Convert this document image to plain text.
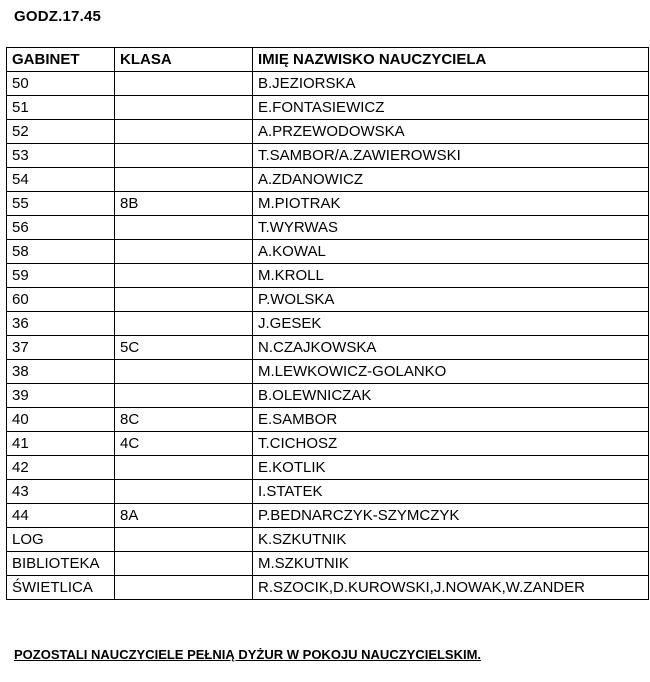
GODZ.17.45
GABINET	KLASA	IMIĘ NAZWISKO NAUCZYCIELA
50		B.JEZIORSKA
51		E.FONTASIEWICZ
52		A.PRZEWODOWSKA
53		T.SAMBOR/A.ZAWIEROWSKI
54		A.ZDANOWICZ
55	8B	M.PIOTRAK
56		T.WYRWAS
58		A.KOWAL
59		M.KROLL
60		P.WOLSKA
36		J.GESEK
37	5C	N.CZAJKOWSKA
38		M.LEWKOWICZ-GOLANKO
39		B.OLEWNICZAK
40	8C	E.SAMBOR
41	4C	T.CICHOSZ
42		E.KOTLIK
43		I.STATEK
44	8A	P.BEDNARCZYK-SZYMCZYK
LOG		K.SZKUTNIK
BIBLIOTEKA		M.SZKUTNIK
ŚWIETLICA		R.SZOCIK,D.KUROWSKI,J.NOWAK,W.ZANDER
POZOSTALI NAUCZYCIELE PEŁNIĄ DYŻUR W POKOJU NAUCZYCIELSKIM.
